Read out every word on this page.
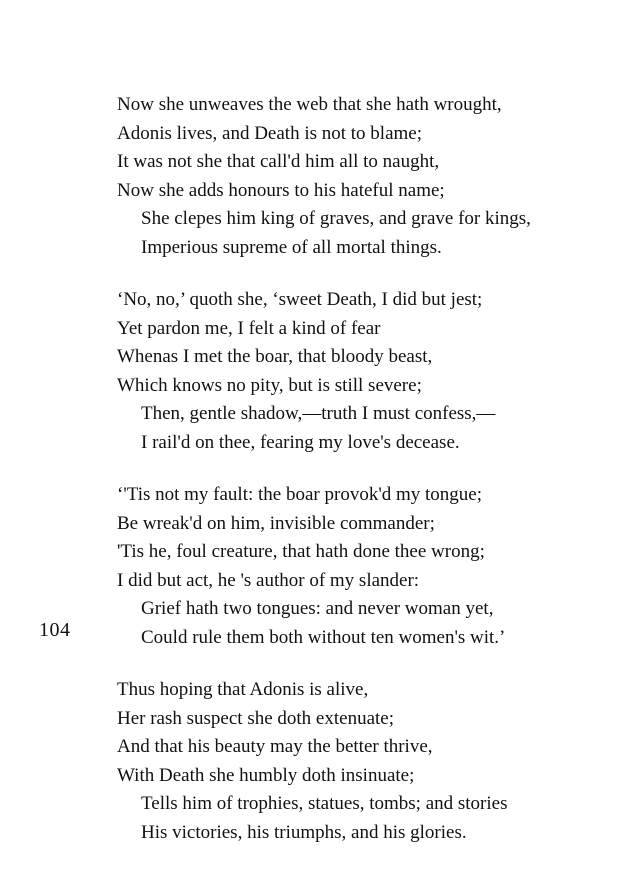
104
Now she unweaves the web that she hath wrought,
Adonis lives, and Death is not to blame;
It was not she that call'd him all to naught,
Now she adds honours to his hateful name;
She clepes him king of graves, and grave for kings,
Imperious supreme of all mortal things.
‘No, no,’ quoth she, ‘sweet Death, I did but jest;
Yet pardon me, I felt a kind of fear
Whenas I met the boar, that bloody beast,
Which knows no pity, but is still severe;
Then, gentle shadow,—truth I must confess,—
I rail'd on thee, fearing my love's decease.
‘'Tis not my fault: the boar provok'd my tongue;
Be wreak'd on him, invisible commander;
'Tis he, foul creature, that hath done thee wrong;
I did but act, he 's author of my slander:
Grief hath two tongues: and never woman yet,
Could rule them both without ten women's wit.’
Thus hoping that Adonis is alive,
Her rash suspect she doth extenuate;
And that his beauty may the better thrive,
With Death she humbly doth insinuate;
Tells him of trophies, statues, tombs; and stories
His victories, his triumphs, and his glories.
